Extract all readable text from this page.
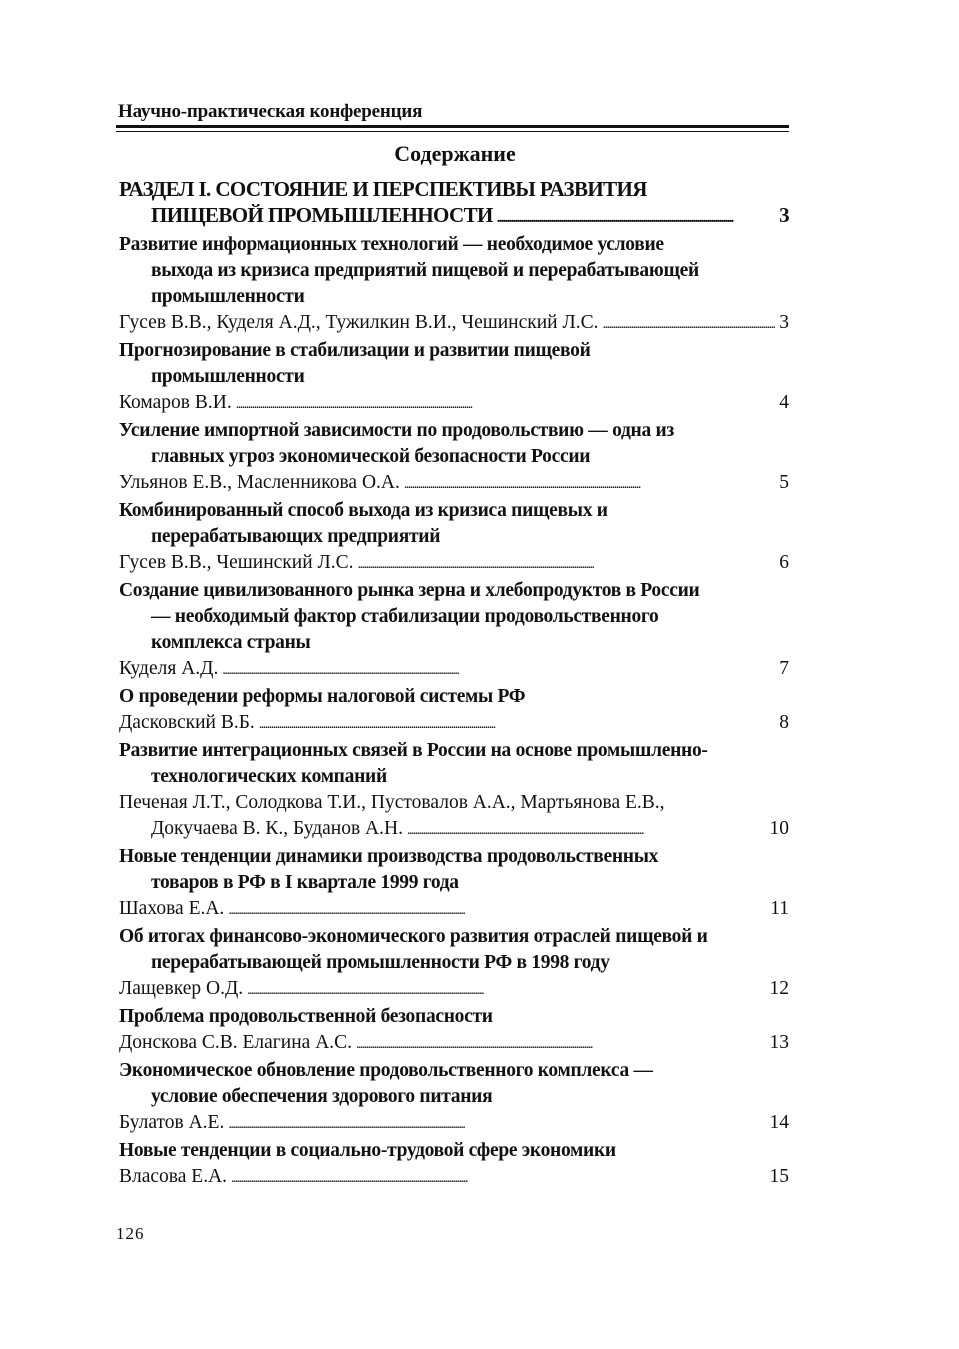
Научно-практическая конференция
Содержание
РАЗДЕЛ I. СОСТОЯНИЕ И ПЕРСПЕКТИВЫ РАЗВИТИЯ
ПИЩЕВОЙ ПРОМЫШЛЕННОСТИ . . .	3
Развитие информационных технологий — необходимое условие
выхода из кризиса предприятий пищевой и перерабатывающей
промышленности
Гусев В.В., Куделя А.Д., Тужилкин В.И., Чешинский Л.С. . . .	3
Прогнозирование в стабилизации и развитии пищевой
промышленности
Комаров В.И. . . .	4
Усиление импортной зависимости по продовольствию — одна из
главных угроз экономической безопасности России
Ульянов Е.В., Масленникова О.А. . . .	5
Комбинированный способ выхода из кризиса пищевых и
перерабатывающих предприятий
Гусев В.В., Чешинский Л.С. . . .	6
Создание цивилизованного рынка зерна и хлебопродуктов в России
— необходимый фактор стабилизации продовольственного
комплекса страны
Куделя А.Д. . . .	7
О проведении реформы налоговой системы РФ
Дасковский В.Б. . . .	8
Развитие интеграционных связей в России на основе промышленно-
технологических компаний
Печеная Л.Т., Солодкова Т.И., Пустовалов А.А., Мартьянова Е.В.,
Докучаева В. К., Буданов А.Н. . . .	10
Новые тенденции динамики производства продовольственных
товаров в РФ в I квартале 1999 года
Шахова Е.А. . . .	11
Об итогах финансово-экономического развития отраслей пищевой и
перерабатывающей промышленности РФ в 1998 году
Лащевкер О.Д. . . .	12
Проблема продовольственной безопасности
Донскова С.В. Елагина А.С. . . .	13
Экономическое обновление продовольственного комплекса —
условие обеспечения здорового питания
Булатов А.Е. . . .	14
Новые тенденции в социально-трудовой сфере экономики
Власова Е.А. . . .	15
126
